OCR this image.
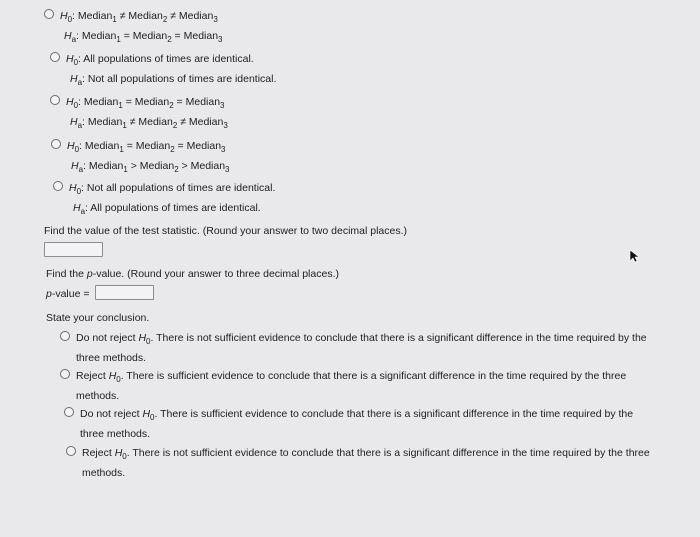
$H_0$: Median$_1$ ≠ Median$_2$ ≠ Median$_3$
$H_a$: Median$_1$ = Median$_2$ = Median$_3$
$H_0$: All populations of times are identical.
$H_a$: Not all populations of times are identical.
$H_0$: Median$_1$ = Median$_2$ = Median$_3$
$H_a$: Median$_1$ ≠ Median$_2$ ≠ Median$_3$
$H_0$: Median$_1$ = Median$_2$ = Median$_3$
$H_a$: Median$_1$ > Median$_2$ > Median$_3$
$H_0$: Not all populations of times are identical.
$H_a$: All populations of times are identical.
Find the value of the test statistic. (Round your answer to two decimal places.)
Find the p-value. (Round your answer to three decimal places.)
p-value =
State your conclusion.
Do not reject $H_0$. There is not sufficient evidence to conclude that there is a significant difference in the time required by the three methods.
Reject $H_0$. There is sufficient evidence to conclude that there is a significant difference in the time required by the three methods.
Do not reject $H_0$. There is sufficient evidence to conclude that there is a significant difference in the time required by the three methods.
Reject $H_0$. There is not sufficient evidence to conclude that there is a significant difference in the time required by the three methods.
